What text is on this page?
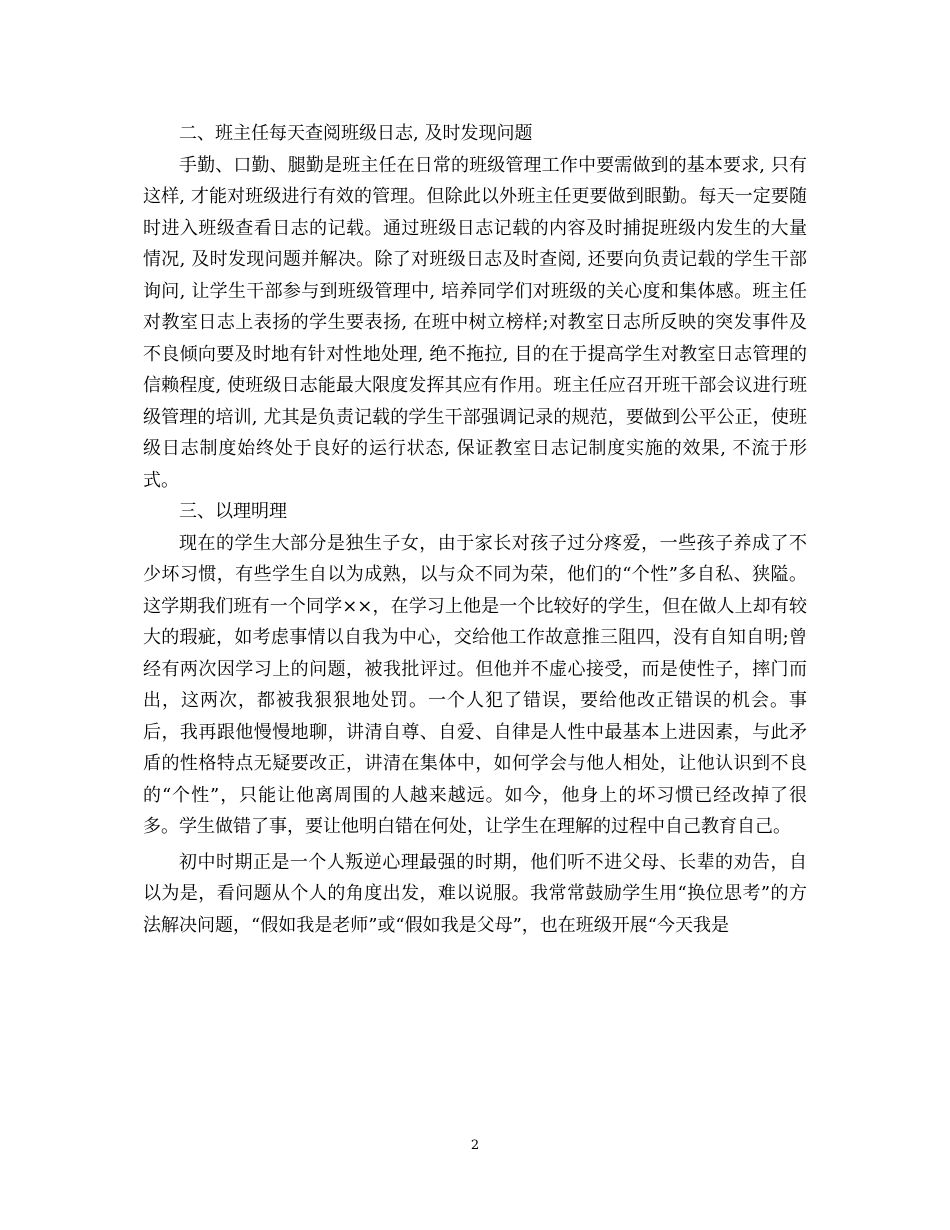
二、班主任每天查阅班级日志, 及时发现问题

手勤、口勤、腿勤是班主任在日常的班级管理工作中要需做到的基本要求, 只有这样, 才能对班级进行有效的管理。但除此以外班主任更要做到眼勤。每天一定要随时进入班级查看日志的记载。通过班级日志记载的内容及时捕捉班级内发生的大量情况, 及时发现问题并解决。除了对班级日志及时查阅, 还要向负责记载的学生干部询问, 让学生干部参与到班级管理中, 培养同学们对班级的关心度和集体感。班主任对教室日志上表扬的学生要表扬, 在班中树立榜样;对教室日志所反映的突发事件及不良倾向要及时地有针对性地处理, 绝不拖拉, 目的在于提高学生对教室日志管理的信赖程度, 使班级日志能最大限度发挥其应有作用。班主任应召开班干部会议进行班级管理的培训, 尤其是负责记载的学生干部强调记录的规范，要做到公平公正，使班级日志制度始终处于良好的运行状态, 保证教室日志记制度实施的效果, 不流于形式。

三、以理明理

现在的学生大部分是独生子女，由于家长对孩子过分疼爱，一些孩子养成了不少坏习惯，有些学生自以为成熟，以与众不同为荣，他们的“个性”多自私、狭隘。这学期我们班有一个同学××，在学习上他是一个比较好的学生，但在做人上却有较大的瑕疵，如考虑事情以自我为中心，交给他工作故意推三阻四，没有自知自明;曾经有两次因学习上的问题，被我批评过。但他并不虚心接受，而是使性子，摔门而出，这两次，都被我狠狠地处罚。一个人犯了错误，要给他改正错误的机会。事后，我再跟他慢慢地聊，讲清自尊、自爱、自律是人性中最基本上进因素，与此矛盾的性格特点无疑要改正，讲清在集体中，如何学会与他人相处，让他认识到不良的“个性”，只能让他离周围的人越来越远。如今，他身上的坏习惯已经改掉了很多。学生做错了事，要让他明白错在何处，让学生在理解的过程中自己教育自己。

初中时期正是一个人叛逆心理最强的时期，他们听不进父母、长辈的劝告，自以为是，看问题从个人的角度出发，难以说服。我常常鼓励学生用“换位思考”的方法解决问题，“假如我是老师”或“假如我是父母”，也在班级开展“今天我是

2
